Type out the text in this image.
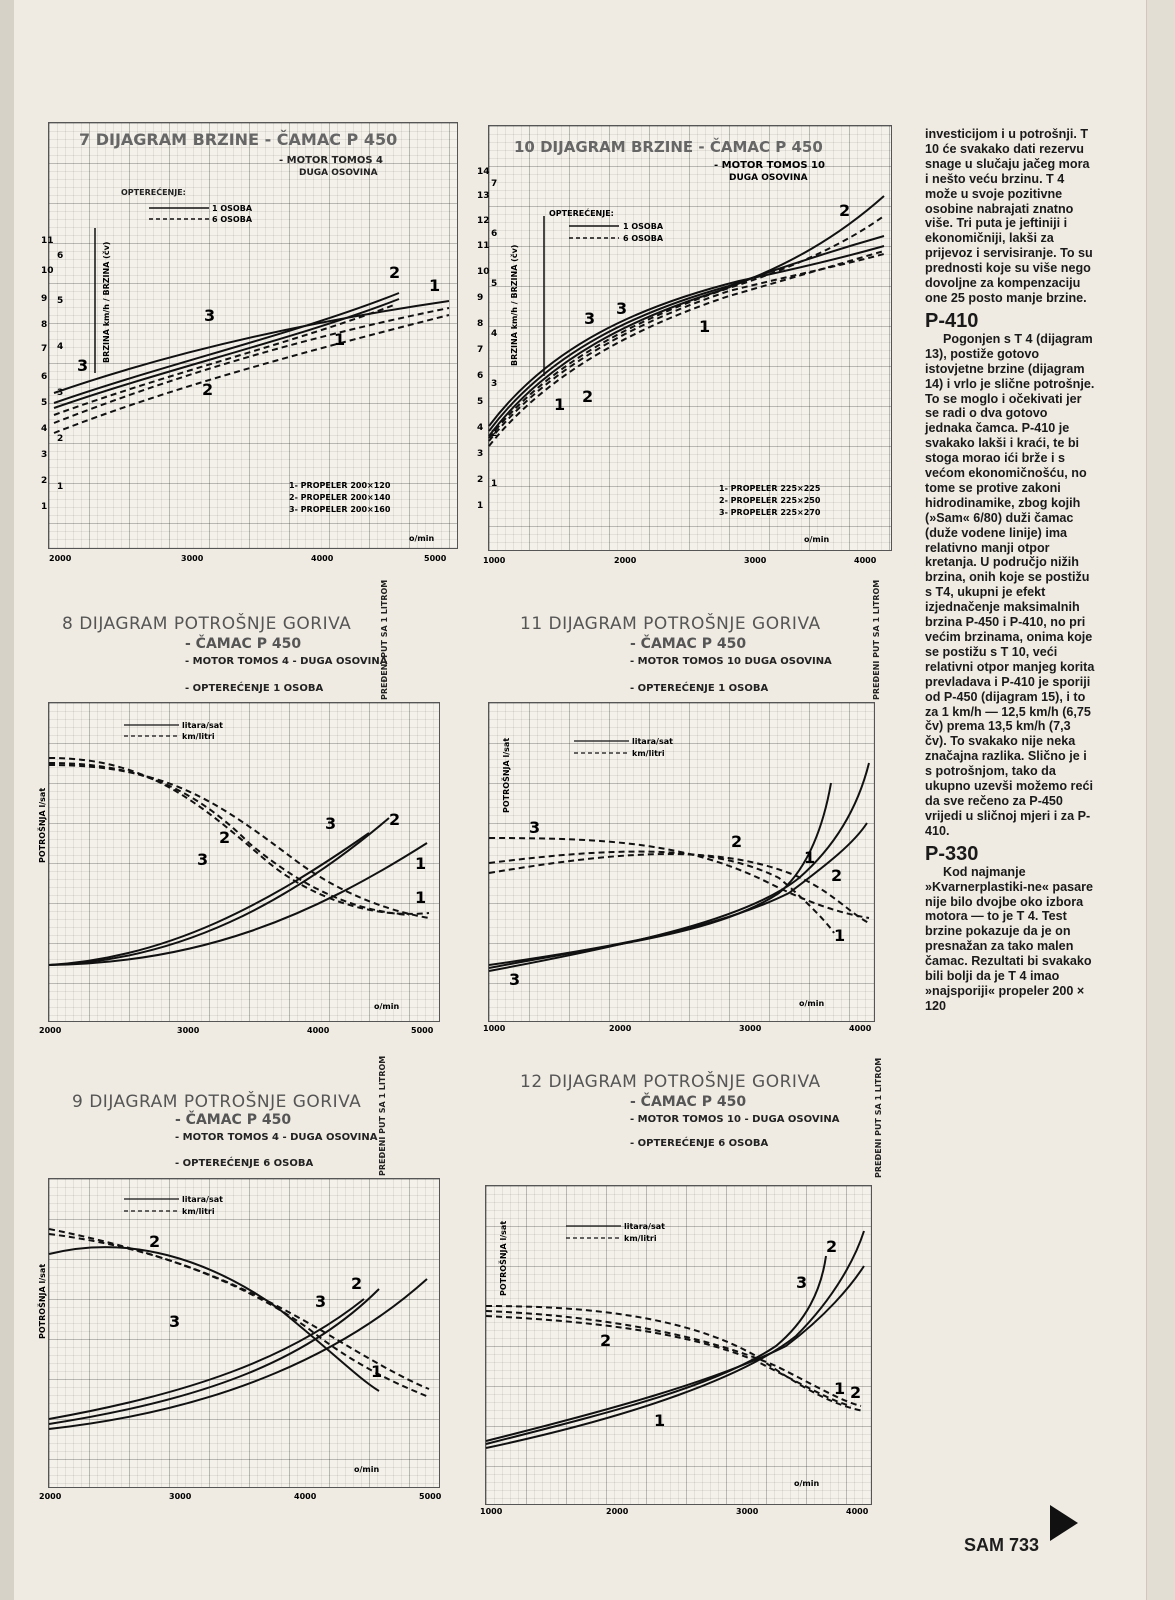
7 DIJAGRAM BRZINE - ČAMAC P 450
- MOTOR TOMOS 4
DUGA OSOVINA
OPTEREĆENJE:
1 OSOBA
6 OSOBA
BRZINA km/h / BRZINA (čv)
11
10
9
8
7
6
5
4
3
2
1
6
5
4
3
2
1
1
2
3
1
2
3
1- PROPELER 200×120
2- PROPELER 200×140
3- PROPELER 200×160
o/min
2000	3000	4000	5000
10 DIJAGRAM BRZINE - ČAMAC P 450
- MOTOR TOMOS 10
DUGA OSOVINA
OPTEREĆENJE:
1 OSOBA
6 OSOBA
BRZINA km/h / BRZINA (čv)
14
13
12
11
10
9
8
7
6
5
4
3
2
1
7
6
5
4
3
2
1
2
3
3
1
1 2
1- PROPELER 225×225
2- PROPELER 225×250
3- PROPELER 225×270
o/min
1000	2000	3000	4000
8 DIJAGRAM POTROŠNJE GORIVA
- ČAMAC P 450
- MOTOR TOMOS 4 - DUGA OSOVINA
- OPTEREĆENJE 1 OSOBA
litara/sat
km/litri
POTROŠNJA l/sat	2
3
3	2
1
1
o/min
2000	3000	4000	5000
PREĐENI PUT SA 1 LITROM	11 DIJAGRAM POTROŠNJE GORIVA
- ČAMAC P 450
- MOTOR TOMOS 10 DUGA OSOVINA
- OPTEREĆENJE 1 OSOBA
litara/sat
km/litri
POTROŠNJA l/sat
3
2
1
2
1
3
o/min
1000	2000	3000	4000
PREĐENI PUT SA 1 LITROM
9 DIJAGRAM POTROŠNJE GORIVA
- ČAMAC P 450
- MOTOR TOMOS 4 - DUGA OSOVINA
- OPTEREĆENJE 6 OSOBA
litara/sat
km/litri
POTROŠNJA l/sat
2
3
2
3
1
o/min
2000	3000	4000	5000
PREĐENI PUT SA 1 LITROM	12 DIJAGRAM POTROŠNJE GORIVA
- ČAMAC P 450
- MOTOR TOMOS 10 - DUGA OSOVINA
- OPTEREĆENJE 6 OSOBA
litara/sat
km/litri
POTROŠNJA l/sat	2
3
2
1
1 2
o/min
1000	2000	3000	4000
PREĐENI PUT SA 1 LITROM

investicijom i u potrošnji. T 10 će svakako dati rezervu snage u slučaju jačeg mora i nešto veću brzinu. T 4 može u svoje pozitivne osobine nabrajati znatno više. Tri puta je jeftiniji i ekonomičniji, lakši za prijevoz i servisiranje. To su prednosti koje su više nego dovoljne za kompenzaciju one 25 posto manje brzine.

P-410

Pogonjen s T 4 (dijagram 13), postiže gotovo istovjetne brzine (dijagram 14) i vrlo je slične potrošnje. To se moglo i očekivati jer se radi o dva gotovo jednaka čamca. P-410 je svakako lakši i kraći, te bi stoga morao ići brže i s većom ekonomičnošću, no tome se protive zakoni hidrodinamike, zbog kojih (»Sam« 6/80) duži čamac (duže vodene linije) ima relativno manji otpor kretanja. U područjo nižih brzina, onih koje se postižu s T4, ukupni je efekt izjednačenje maksimalnih brzina P-450 i P-410, no pri većim brzinama, onima koje se postižu s T 10, veći relativni otpor manjeg korita prevladava i P-410 je sporiji od P-450 (dijagram 15), i to za 1 km/h — 12,5 km/h (6,75 čv) prema 13,5 km/h (7,3 čv). To svakako nije neka značajna razlika. Slično je i s potrošnjom, tako da ukupno uzevši možemo reći da sve rečeno za P-450 vrijedi u sličnoj mjeri i za P-410.

P-330

Kod najmanje »Kvarnerplastiki-ne« pasare nije bilo dvojbe oko izbora motora — to je T 4. Test brzine pokazuje da je on presnažan za tako malen čamac. Rezultati bi svakako bili bolji da je T 4 imao »najsporiji« propeler 200 × 120

SAM 733
